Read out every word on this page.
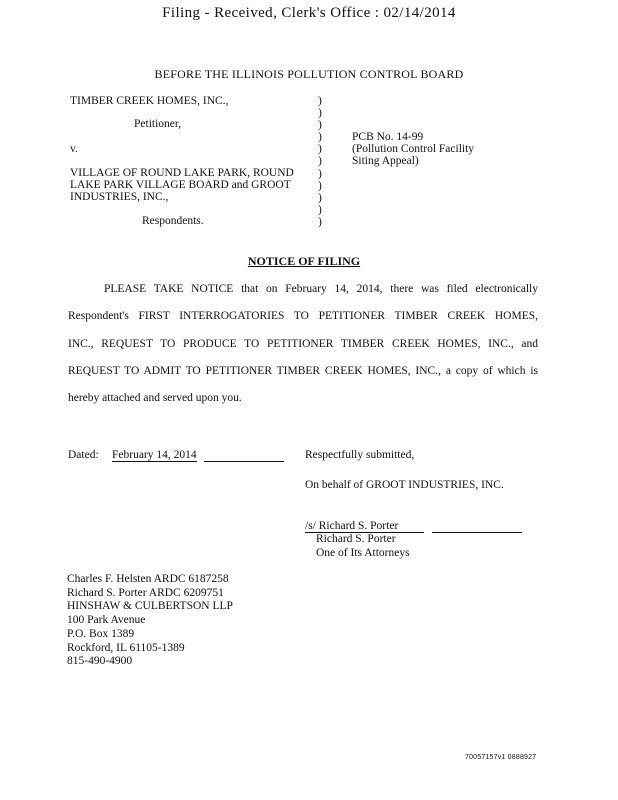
Filing - Received, Clerk's Office : 02/14/2014
BEFORE THE ILLINOIS POLLUTION CONTROL BOARD
TIMBER CREEK HOMES, INC.,
Petitioner,
v.
VILLAGE OF ROUND LAKE PARK, ROUND
LAKE PARK VILLAGE BOARD and GROOT
INDUSTRIES, INC.,
Respondents.
)
)
)
)
)
)
)
)
)
)
)
PCB No. 14-99
(Pollution Control Facility
Siting Appeal)
NOTICE OF FILING
PLEASE TAKE NOTICE that on February 14, 2014, there was filed electronically
Respondent's FIRST INTERROGATORIES TO PETITIONER TIMBER CREEK HOMES,
INC., REQUEST TO PRODUCE TO PETITIONER TIMBER CREEK HOMES, INC., and
REQUEST TO ADMIT TO PETITIONER TIMBER CREEK HOMES, INC., a copy of which is
hereby attached and served upon you.
Dated: February 14, 2014	Respectfully submitted,
On behalf of GROOT INDUSTRIES, INC.
/s/ Richard S. Porter
Richard S. Porter
One of Its Attorneys
Charles F. Helsten ARDC 6187258
Richard S. Porter ARDC 6209751
HINSHAW & CULBERTSON LLP
100 Park Avenue
P.O. Box 1389
Rockford, IL 61105-1389
815-490-4900
70057157v1 0888927
